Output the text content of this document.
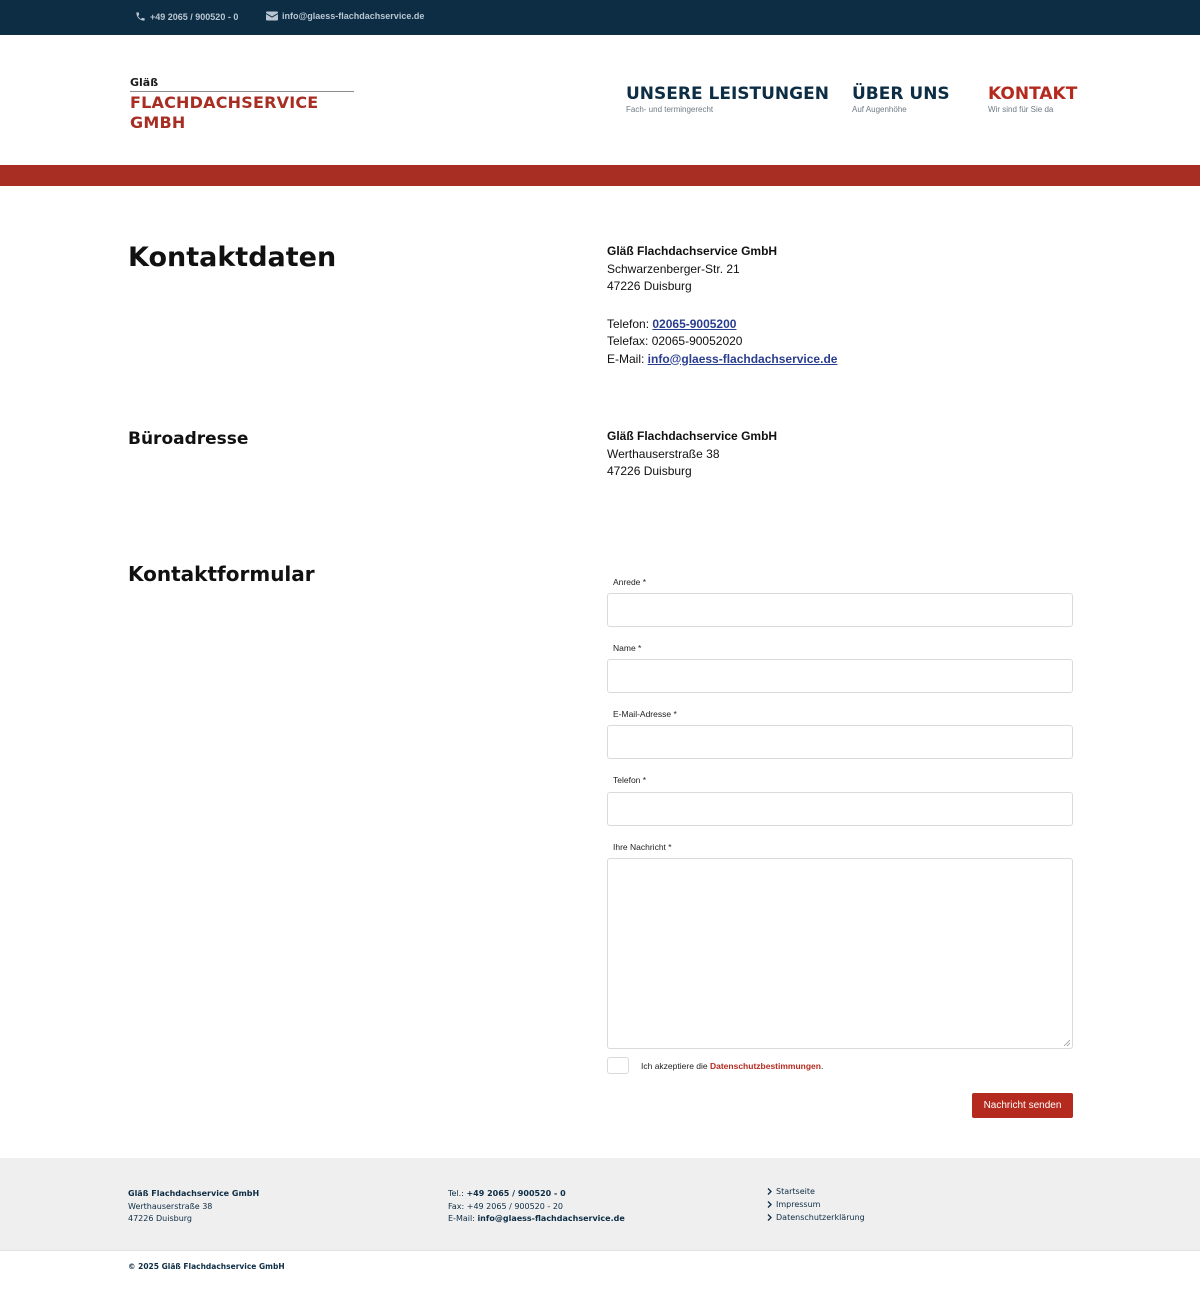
+49 2065 / 900520 - 0	info@glaess-flachdachservice.de
Gläß
FLACHDACHSERVICE GMBH
UNSERE LEISTUNGEN
Fach- und termingerecht
ÜBER UNS
Auf Augenhöhe
KONTAKT
Wir sind für Sie da
Kontaktdaten	Gläß Flachdachservice GmbH
Schwarzenberger-Str. 21
47226 Duisburg
Telefon: 02065-9005200
Telefax: 02065-90052020
E-Mail: info@glaess-flachdachservice.de
Büroadresse	Gläß Flachdachservice GmbH
Werthauserstraße 38
47226 Duisburg
Kontaktformular	Anrede *
Name *
E-Mail-Adresse *
Telefon *
Ihre Nachricht *
Ich akzeptiere die Datenschutzbestimmungen.
Nachricht senden
Gläß Flachdachservice GmbH
Werthauserstraße 38
47226 Duisburg
Tel.: +49 2065 / 900520 - 0
Fax: +49 2065 / 900520 - 20
E-Mail: info@glaess-flachdachservice.de
Startseite
Impressum
Datenschutzerklärung
© 2025 Gläß Flachdachservice GmbH
